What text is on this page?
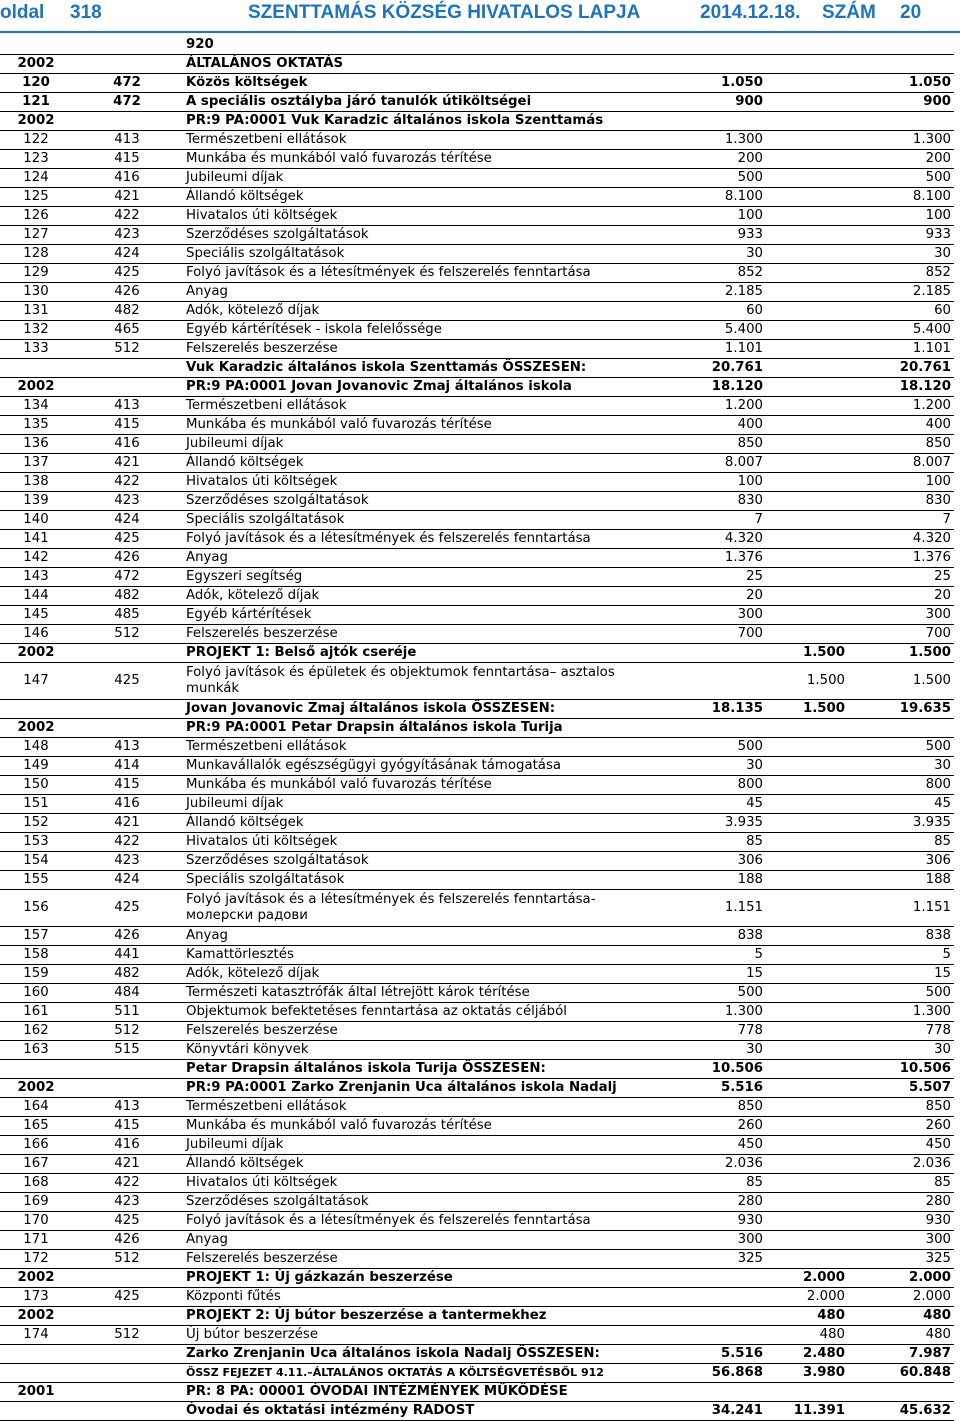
oldal 318	SZENTTAMÁS KÖZSÉG HIVATALOS LAPJA	2014.12.18. SZÁM 20
		920			
2002		ÁLTALÁNOS OKTATÁS			
120	472	Közös költségek	1.050		1.050
121	472	A speciális osztályba járó tanulók útiköltségei	900		900
2002		PR:9 PA:0001 Vuk Karadzic általános iskola Szenttamás			
122	413	Természetbeni ellátások	1.300		1.300
123	415	Munkába és munkából való fuvarozás térítése	200		200
124	416	Jubileumi díjak	500		500
125	421	Állandó költségek	8.100		8.100
126	422	Hivatalos úti költségek	100		100
127	423	Szerződéses szolgáltatások	933		933
128	424	Speciális szolgáltatások	30		30
129	425	Folyó javítások és a létesítmények és felszerelés fenntartása	852		852
130	426	Anyag	2.185		2.185
131	482	Adók, kötelező díjak	60		60
132	465	Egyéb kártérítések - iskola felelőssége	5.400		5.400
133	512	Felszerelés beszerzése	1.101		1.101
		Vuk Karadzic általános iskola Szenttamás ÖSSZESEN:	20.761		20.761
2002		PR:9 PA:0001 Jovan Jovanovic Zmaj általános iskola	18.120		18.120
134	413	Természetbeni ellátások	1.200		1.200
135	415	Munkába és munkából való fuvarozás térítése	400		400
136	416	Jubileumi díjak	850		850
137	421	Állandó költségek	8.007		8.007
138	422	Hivatalos úti költségek	100		100
139	423	Szerződéses szolgáltatások	830		830
140	424	Speciális szolgáltatások	7		7
141	425	Folyó javítások és a létesítmények és felszerelés fenntartása	4.320		4.320
142	426	Anyag	1.376		1.376
143	472	Egyszeri segítség	25		25
144	482	Adók, kötelező díjak	20		20
145	485	Egyéb kártérítések	300		300
146	512	Felszerelés beszerzése	700		700
2002		PROJEKT 1: Belső ajtók cseréje		1.500	1.500
147	425	Folyó javítások és épületek és objektumok fenntartása– asztalos munkák		1.500	1.500
		Jovan Jovanovic Zmaj általános iskola ÖSSZESEN:	18.135	1.500	19.635
2002		PR:9 PA:0001 Petar Drapsin általános iskola Turija			
148	413	Természetbeni ellátások	500		500
149	414	Munkavállalók egészségügyi gyógyításának támogatása	30		30
150	415	Munkába és munkából való fuvarozás térítése	800		800
151	416	Jubileumi díjak	45		45
152	421	Állandó költségek	3.935		3.935
153	422	Hivatalos úti költségek	85		85
154	423	Szerződéses szolgáltatások	306		306
155	424	Speciális szolgáltatások	188		188
156	425	Folyó javítások és a létesítmények és felszerelés fenntartása- молерски радови	1.151		1.151
157	426	Anyag	838		838
158	441	Kamattörlesztés	5		5
159	482	Adók, kötelező díjak	15		15
160	484	Természeti katasztrófák által létrejött károk térítése	500		500
161	511	Objektumok befektetéses fenntartása az oktatás céljából	1.300		1.300
162	512	Felszerelés beszerzése	778		778
163	515	Könyvtári könyvek	30		30
		Petar Drapsin általános iskola Turija ÖSSZESEN:	10.506		10.506
2002		PR:9 PA:0001 Zarko Zrenjanin Uca általános iskola Nadalj	5.516		5.507
164	413	Természetbeni ellátások	850		850
165	415	Munkába és munkából való fuvarozás térítése	260		260
166	416	Jubileumi díjak	450		450
167	421	Állandó költségek	2.036		2.036
168	422	Hivatalos úti költségek	85		85
169	423	Szerződéses szolgáltatások	280		280
170	425	Folyó javítások és a létesítmények és felszerelés fenntartása	930		930
171	426	Anyag	300		300
172	512	Felszerelés beszerzése	325		325
2002		PROJEKT 1: Új gázkazán beszerzése		2.000	2.000
173	425	Központi fűtés		2.000	2.000
2002		PROJEKT 2: Új bútor beszerzése a tantermekhez		480	480
174	512	Új bútor beszerzése		480	480
		Zarko Zrenjanin Uca általános iskola Nadalj ÖSSZESEN:	5.516	2.480	7.987
		ÖSSZ FEJEZET 4.11.–ÁLTALÁNOS OKTATÁS A KÖLTSÉGVETÉSBŐL 912	56.868	3.980	60.848
2001		PR: 8 PA: 00001 ÓVODAI INTÉZMÉNYEK MŰKÖDÉSE			
		Óvodai és oktatási intézmény RADOST	34.241	11.391	45.632
